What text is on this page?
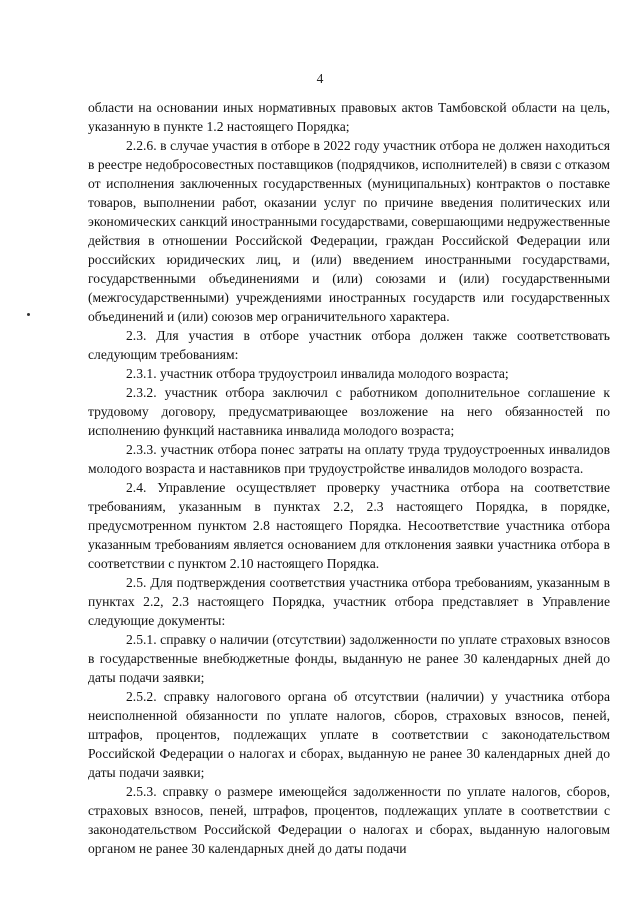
4

области на основании иных нормативных правовых актов Тамбовской области на цель, указанную в пункте 1.2 настоящего Порядка;

2.2.6. в случае участия в отборе в 2022 году участник отбора не должен находиться в реестре недобросовестных поставщиков (подрядчиков, исполнителей) в связи с отказом от исполнения заключенных государственных (муниципальных) контрактов о поставке товаров, выполнении работ, оказании услуг по причине введения политических или экономических санкций иностранными государствами, совершающими недружественные действия в отношении Российской Федерации, граждан Российской Федерации или российских юридических лиц, и (или) введением иностранными государствами, государственными объединениями и (или) союзами и (или) государственными (межгосударственными) учреждениями иностранных государств или государственных объединений и (или) союзов мер ограничительного характера.

2.3. Для участия в отборе участник отбора должен также соответствовать следующим требованиям:

2.3.1. участник отбора трудоустроил инвалида молодого возраста;

2.3.2. участник отбора заключил с работником дополнительное соглашение к трудовому договору, предусматривающее возложение на него обязанностей по исполнению функций наставника инвалида молодого возраста;

2.3.3. участник отбора понес затраты на оплату труда трудоустроенных инвалидов молодого возраста и наставников при трудоустройстве инвалидов молодого возраста.

2.4. Управление осуществляет проверку участника отбора на соответствие требованиям, указанным в пунктах 2.2, 2.3 настоящего Порядка, в порядке, предусмотренном пунктом 2.8 настоящего Порядка. Несоответствие участника отбора указанным требованиям является основанием для отклонения заявки участника отбора в соответствии с пунктом 2.10 настоящего Порядка.

2.5. Для подтверждения соответствия участника отбора требованиям, указанным в пунктах 2.2, 2.3 настоящего Порядка, участник отбора представляет в Управление следующие документы:

2.5.1. справку о наличии (отсутствии) задолженности по уплате страховых взносов в государственные внебюджетные фонды, выданную не ранее 30 календарных дней до даты подачи заявки;

2.5.2. справку налогового органа об отсутствии (наличии) у участника отбора неисполненной обязанности по уплате налогов, сборов, страховых взносов, пеней, штрафов, процентов, подлежащих уплате в соответствии с законодательством Российской Федерации о налогах и сборах, выданную не ранее 30 календарных дней до даты подачи заявки;

2.5.3. справку о размере имеющейся задолженности по уплате налогов, сборов, страховых взносов, пеней, штрафов, процентов, подлежащих уплате в соответствии с законодательством Российской Федерации о налогах и сборах, выданную налоговым органом не ранее 30 календарных дней до даты подачи
